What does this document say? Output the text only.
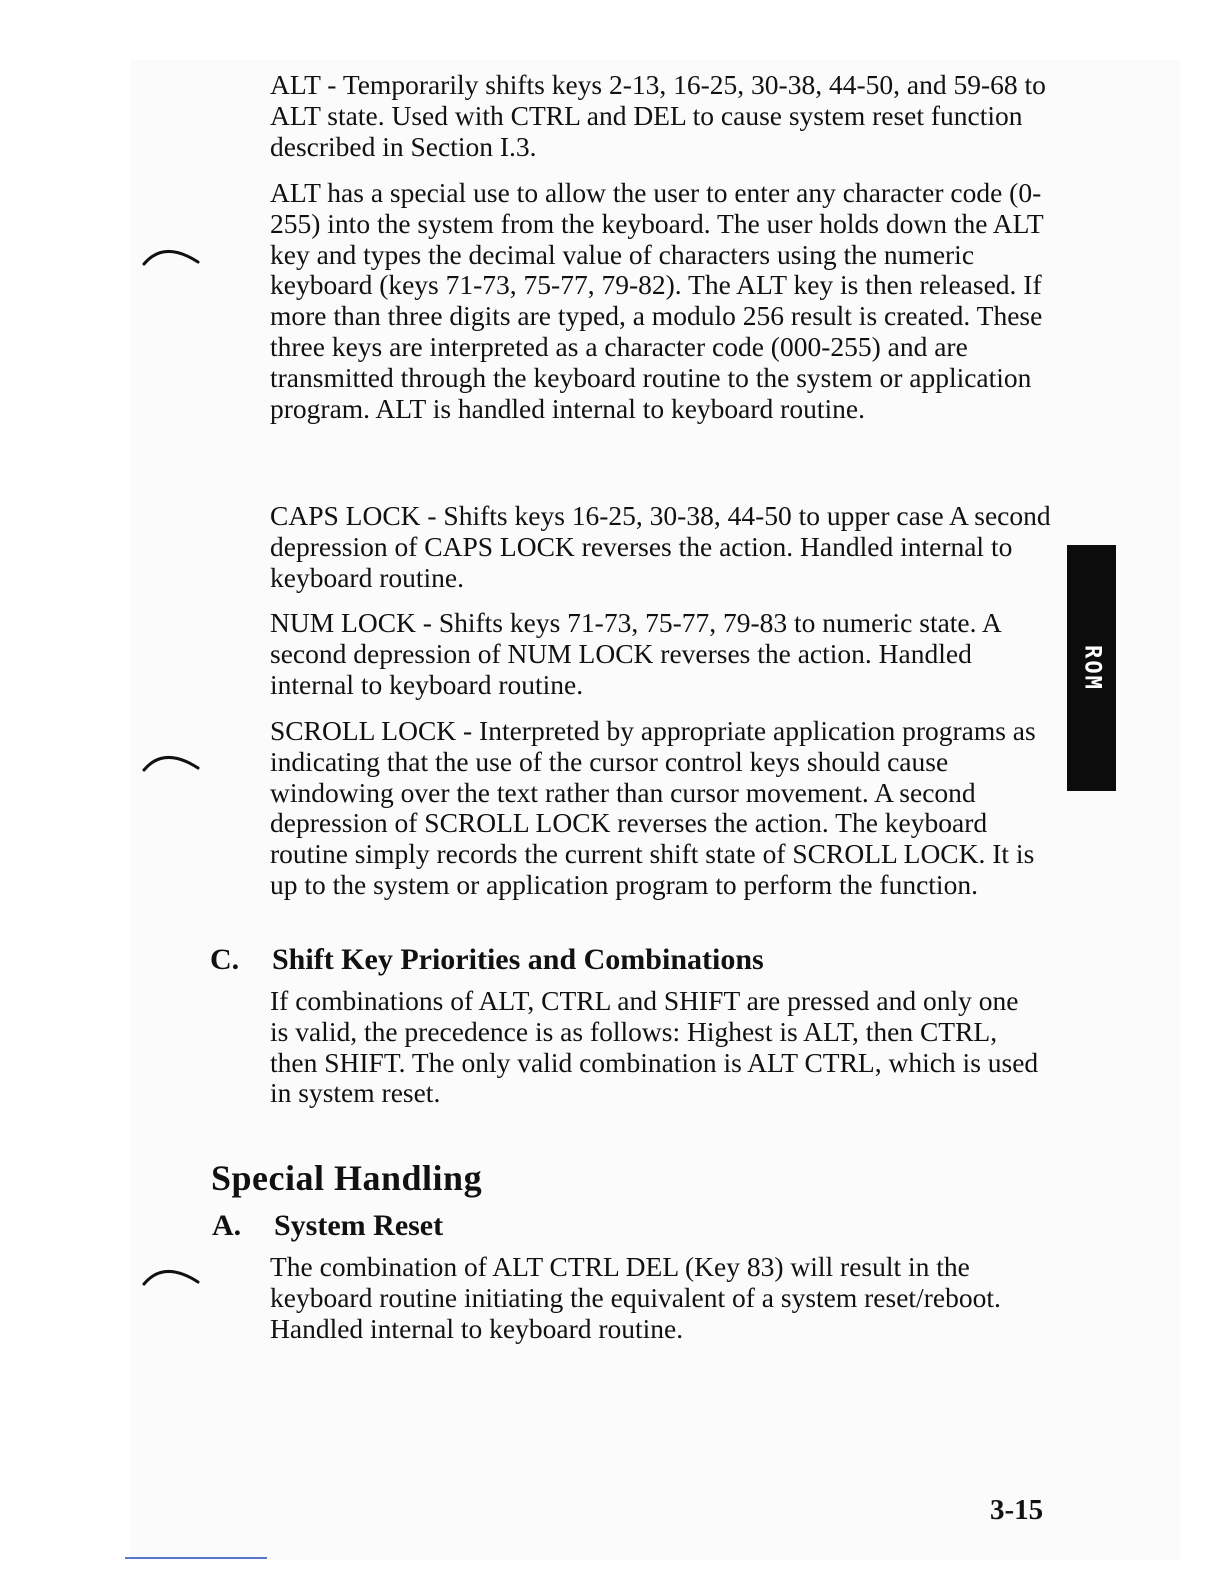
ALT - Temporarily shifts keys 2-13, 16-25, 30-38, 44-50, and 59-68 to ALT state. Used with CTRL and DEL to cause system reset function described in Section I.3.

ALT has a special use to allow the user to enter any character code (0-255) into the system from the keyboard. The user holds down the ALT key and types the decimal value of characters using the numeric keyboard (keys 71-73, 75-77, 79-82). The ALT key is then released. If more than three digits are typed, a modulo 256 result is created. These three keys are interpreted as a character code (000-255) and are transmitted through the keyboard routine to the system or application program. ALT is handled internal to keyboard routine.

CAPS LOCK - Shifts keys 16-25, 30-38, 44-50 to upper case A second depression of CAPS LOCK reverses the action. Handled internal to keyboard routine.

NUM LOCK - Shifts keys 71-73, 75-77, 79-83 to numeric state. A second depression of NUM LOCK reverses the action. Handled internal to keyboard routine.

SCROLL LOCK - Interpreted by appropriate application programs as indicating that the use of the cursor control keys should cause windowing over the text rather than cursor movement. A second depression of SCROLL LOCK reverses the action. The keyboard routine simply records the current shift state of SCROLL LOCK. It is up to the system or application program to perform the function.

C. Shift Key Priorities and Combinations

If combinations of ALT, CTRL and SHIFT are pressed and only one is valid, the precedence is as follows: Highest is ALT, then CTRL, then SHIFT. The only valid combination is ALT CTRL, which is used in system reset.

Special Handling
A. System Reset

The combination of ALT CTRL DEL (Key 83) will result in the keyboard routine initiating the equivalent of a system reset/reboot. Handled internal to keyboard routine.

ROM

3-15
